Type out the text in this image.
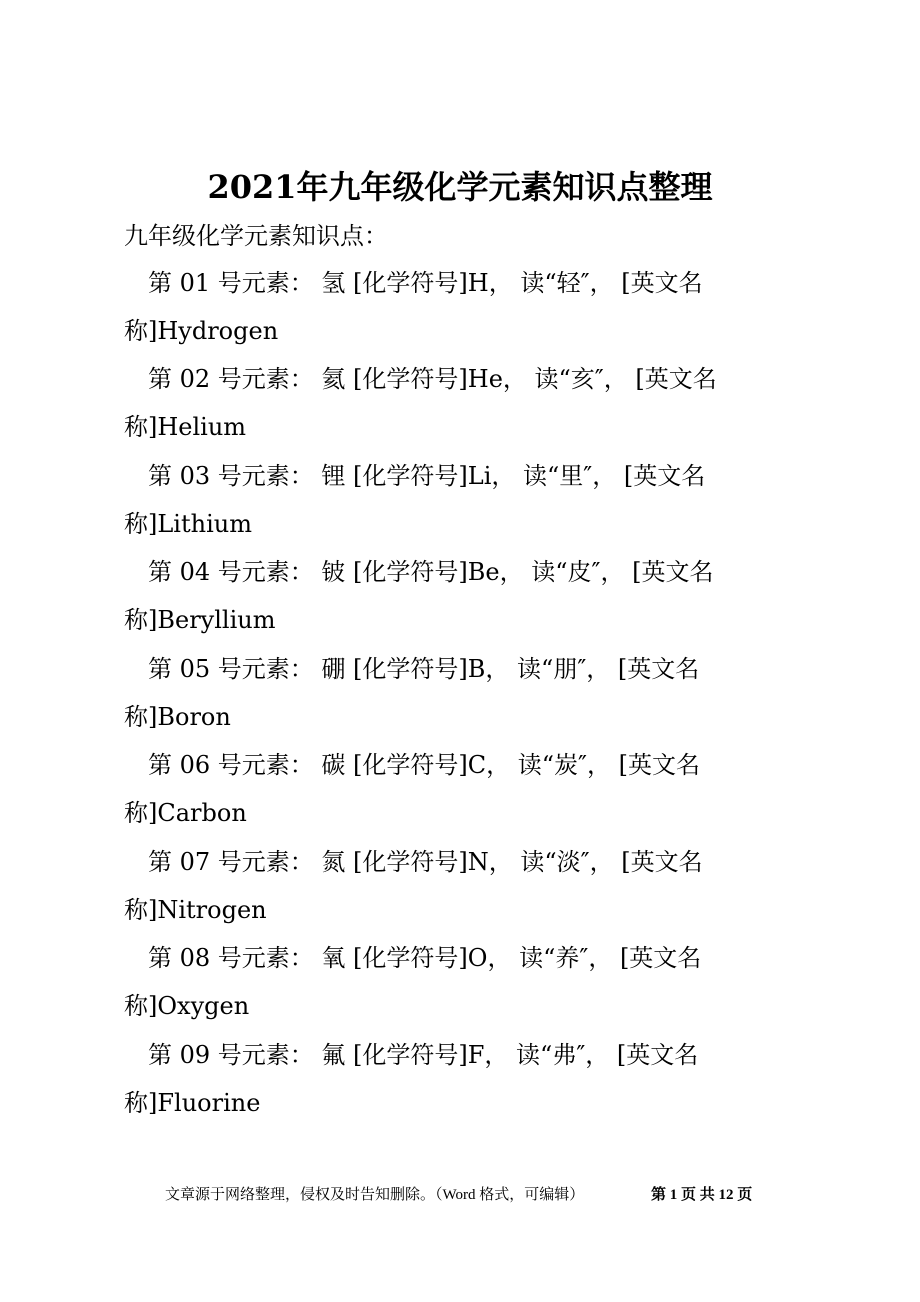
2021年九年级化学元素知识点整理
九年级化学元素知识点：
第 01 号元素： 氢 [化学符号]H， 读“轻″， [英文名
称]Hydrogen
第 02 号元素： 氦 [化学符号]He， 读“亥″， [英文名
称]Helium
第 03 号元素： 锂 [化学符号]Li， 读“里″， [英文名
称]Lithium
第 04 号元素： 铍 [化学符号]Be， 读“皮″， [英文名
称]Beryllium
第 05 号元素： 硼 [化学符号]B， 读“朋″， [英文名
称]Boron
第 06 号元素： 碳 [化学符号]C， 读“炭″， [英文名
称]Carbon
第 07 号元素： 氮 [化学符号]N， 读“淡″， [英文名
称]Nitrogen
第 08 号元素： 氧 [化学符号]O， 读“养″， [英文名
称]Oxygen
第 09 号元素： 氟 [化学符号]F， 读“弗″， [英文名
称]Fluorine
文章源于网络整理，侵权及时告知删除。（Word 格式，可编辑）	第 1 页 共 12 页
